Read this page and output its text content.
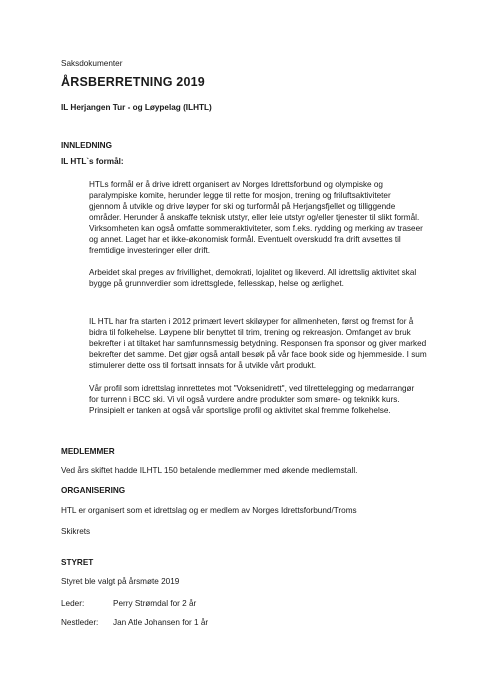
Saksdokumenter
ÅRSBERRETNING 2019
IL Herjangen Tur - og Løypelag (ILHTL)
INNLEDNING
IL HTL`s formål:
HTLs formål er å drive idrett organisert av Norges Idrettsforbund og olympiske og
paralympiske komite, herunder legge til rette for mosjon, trening og friluftsaktiviteter
gjennom å utvikle og drive løyper for ski og turformål på Herjangsfjellet og tilliggende
områder. Herunder å anskaffe teknisk utstyr, eller leie utstyr og/eller tjenester til slikt formål.
Virksomheten kan også omfatte sommeraktiviteter, som f.eks. rydding og merking av traseer
og annet. Laget har et ikke-økonomisk formål. Eventuelt overskudd fra drift avsettes til
fremtidige investeringer eller drift.
Arbeidet skal preges av frivillighet, demokrati, lojalitet og likeverd. All idrettslig aktivitet skal
bygge på grunnverdier som idrettsglede, fellesskap, helse og ærlighet.
IL HTL har fra starten i 2012 primært levert skiløyper for allmenheten, først og fremst for å
bidra til folkehelse. Løypene blir benyttet til trim, trening og rekreasjon. Omfanget av bruk
bekrefter i at tiltaket har samfunnsmessig betydning. Responsen fra sponsor og giver marked
bekrefter det samme. Det gjør også antall besøk på vår face book side og hjemmeside. I sum
stimulerer dette oss til fortsatt innsats for å utvikle vårt produkt.
Vår profil som idrettslag innrettetes mot "Voksenidrett", ved tilrettelegging og medarrangør
for turrenn i BCC ski. Vi vil også vurdere andre produkter som smøre- og teknikk kurs.
Prinsipielt er tanken at også vår sportslige profil og aktivitet skal fremme folkehelse.
MEDLEMMER
Ved års skiftet hadde ILHTL 150 betalende medlemmer med økende medlemstall.
ORGANISERING
HTL er organisert som et idrettslag og er medlem av Norges Idrettsforbund/Troms
Skikrets
STYRET
Styret ble valgt på årsmøte 2019
Leder:	Perry Strømdal for 2 år
Nestleder: Jan Atle Johansen for 1 år
